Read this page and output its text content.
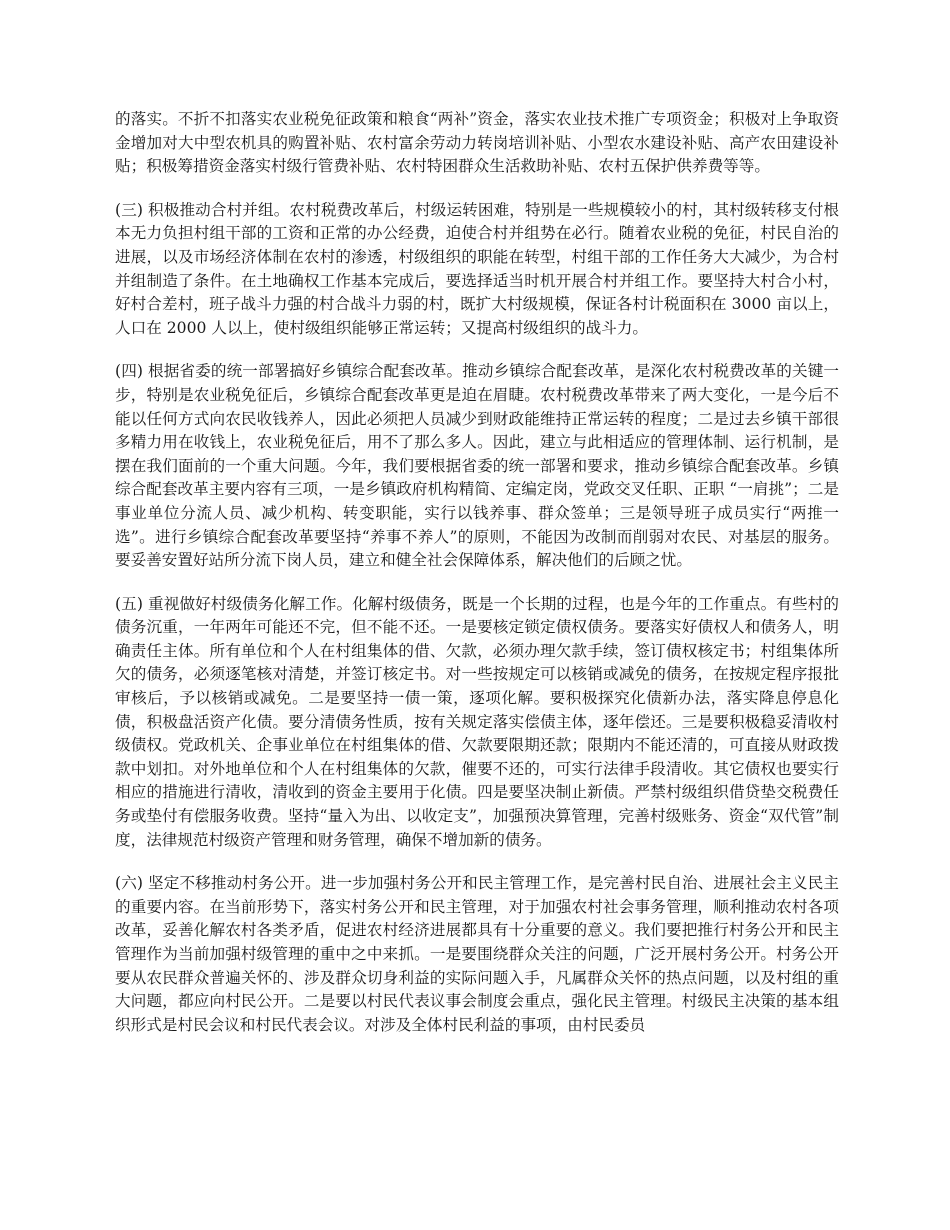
的落实。不折不扣落实农业税免征政策和粮食“两补”资金，落实农业技术推广专项资金；积极对上争取资金增加对大中型农机具的购置补贴、农村富余劳动力转岗培训补贴、小型农水建设补贴、高产农田建设补贴；积极筹措资金落实村级行管费补贴、农村特困群众生活救助补贴、农村五保护供养费等等。

(三) 积极推动合村并组。农村税费改革后，村级运转困难，特别是一些规模较小的村，其村级转移支付根本无力负担村组干部的工资和正常的办公经费，迫使合村并组势在必行。随着农业税的免征，村民自治的进展，以及市场经济体制在农村的渗透，村级组织的职能在转型，村组干部的工作任务大大减少，为合村并组制造了条件。在土地确权工作基本完成后，要选择适当时机开展合村并组工作。要坚持大村合小村，好村合差村，班子战斗力强的村合战斗力弱的村，既扩大村级规模，保证各村计税面积在 3000 亩以上，人口在 2000 人以上，使村级组织能够正常运转；又提高村级组织的战斗力。

(四) 根据省委的统一部署搞好乡镇综合配套改革。推动乡镇综合配套改革，是深化农村税费改革的关键一步，特别是农业税免征后，乡镇综合配套改革更是迫在眉睫。农村税费改革带来了两大变化，一是今后不能以任何方式向农民收钱养人，因此必须把人员减少到财政能维持正常运转的程度；二是过去乡镇干部很多精力用在收钱上，农业税免征后，用不了那么多人。因此，建立与此相适应的管理体制、运行机制，是摆在我们面前的一个重大问题。今年，我们要根据省委的统一部署和要求，推动乡镇综合配套改革。乡镇综合配套改革主要内容有三项，一是乡镇政府机构精简、定编定岗，党政交叉任职、正职 “一肩挑”；二是事业单位分流人员、减少机构、转变职能，实行以钱养事、群众签单；三是领导班子成员实行“两推一选”。进行乡镇综合配套改革要坚持“养事不养人”的原则，不能因为改制而削弱对农民、对基层的服务。要妥善安置好站所分流下岗人员，建立和健全社会保障体系，解决他们的后顾之忧。

(五) 重视做好村级债务化解工作。化解村级债务，既是一个长期的过程，也是今年的工作重点。有些村的债务沉重，一年两年可能还不完，但不能不还。一是要核定锁定债权债务。要落实好债权人和债务人，明确责任主体。所有单位和个人在村组集体的借、欠款，必须办理欠款手续，签订债权核定书；村组集体所欠的债务，必须逐笔核对清楚，并签订核定书。对一些按规定可以核销或减免的债务，在按规定程序报批审核后，予以核销或减免。二是要坚持一债一策，逐项化解。要积极探究化债新办法，落实降息停息化债，积极盘活资产化债。要分清债务性质，按有关规定落实偿债主体，逐年偿还。三是要积极稳妥清收村级债权。党政机关、企事业单位在村组集体的借、欠款要限期还款；限期内不能还清的，可直接从财政拨款中划扣。对外地单位和个人在村组集体的欠款，催要不还的，可实行法律手段清收。其它债权也要实行相应的措施进行清收，清收到的资金主要用于化债。四是要坚决制止新债。严禁村级组织借贷垫交税费任务或垫付有偿服务收费。坚持“量入为出、以收定支”，加强预决算管理，完善村级账务、资金“双代管”制度，法律规范村级资产管理和财务管理，确保不增加新的债务。

(六) 坚定不移推动村务公开。进一步加强村务公开和民主管理工作，是完善村民自治、进展社会主义民主的重要内容。在当前形势下，落实村务公开和民主管理，对于加强农村社会事务管理，顺利推动农村各项改革，妥善化解农村各类矛盾，促进农村经济进展都具有十分重要的意义。我们要把推行村务公开和民主管理作为当前加强村级管理的重中之中来抓。一是要围绕群众关注的问题，广泛开展村务公开。村务公开要从农民群众普遍关怀的、涉及群众切身利益的实际问题入手，凡属群众关怀的热点问题，以及村组的重大问题，都应向村民公开。二是要以村民代表议事会制度会重点，强化民主管理。村级民主决策的基本组织形式是村民会议和村民代表会议。对涉及全体村民利益的事项，由村民委员
